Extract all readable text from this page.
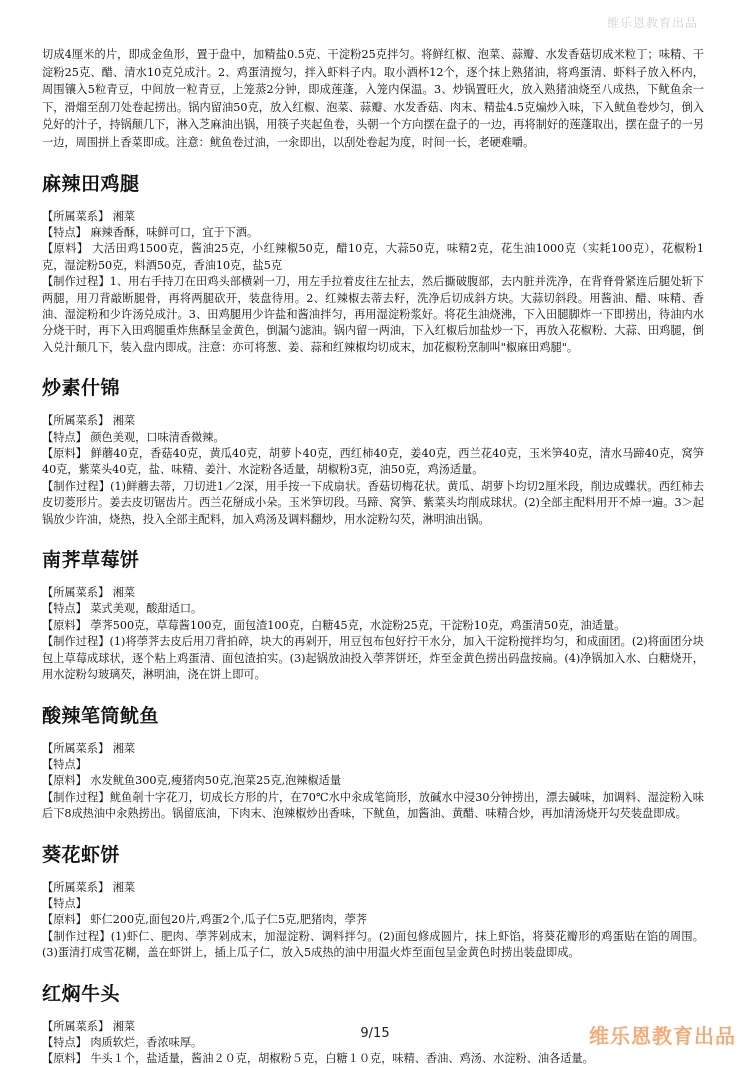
维乐恩教育出品

切成4厘米的片，即成金鱼形，置于盘中，加精盐0.5克、干淀粉25克拌匀。将鲜红椒、泡菜、蒜瓣、水发香菇切成米粒丁；味精、干淀粉25克、醋、清水10克兑成汁。2、鸡蛋清搅匀，拌入虾料子内。取小酒杯12个，逐个抹上熟猪油，将鸡蛋清、虾料子放入杯内，周围镶入5粒青豆，中间放一粒青豆，上笼蒸2分钟，即成莲蓬，入笼内保温。3、炒锅置旺火，放入熟猪油烧至八成热，下鱿鱼余一下，滑熘至刮刀处卷起捞出。锅内留油50克，放入红椒、泡菜、蒜瓣、水发香菇、肉末、精盐4.5克煸炒入味，下入鱿鱼卷炒匀，倒入兑好的汁子，持锅颠几下，淋入芝麻油出锅，用筷子夹起鱼卷，头朝一个方向摆在盘子的一边，再将制好的莲蓬取出，摆在盘子的一另一边，周围拼上香菜即成。注意：鱿鱼卷过油，一汆即出，以刮处卷起为度，时间一长，老硬难嚼。

麻辣田鸡腿
【所属菜系】 湘菜
【特点】 麻辣香酥，味鲜可口，宜于下酒。
【原料】 大活田鸡1500克，酱油25克，小红辣椒50克，醋10克，大蒜50克，味精2克，花生油1000克（实耗100克），花椒粉1克，湿淀粉50克，料酒50克，香油10克，盐5克
【制作过程】1、用右手持刀在田鸡头部横剁一刀，用左手拉着皮往左扯去，然后撕破腹部，去内脏并洗净，在背脊骨紧连后腿处斩下两腿，用刀背敲断腿骨，再将两腿砍开，装盘待用。2、红辣椒去蒂去籽，洗净后切成斜方块。大蒜切斜段。用酱油、醋、味精、香油、湿淀粉和少许汤兑成汁。3、田鸡腿用少许盐和酱油拌匀，再用湿淀粉浆好。将花生油烧沸，下入田腿脚炸一下即捞出，待油内水分烧干时，再下入田鸡腿重炸焦酥呈金黄色，倒漏勺滤油。锅内留一两油，下入红椒后加盐炒一下，再放入花椒粉、大蒜、田鸡腿，倒入兑汁颠几下，装入盘内即成。注意：亦可将葱、姜、蒜和红辣椒均切成末，加花椒粉烹制叫"椒麻田鸡腿"。
炒素什锦
【所属菜系】 湘菜
【特点】 颜色美观，口味清香微辣。
【原料】 鲜蘑40克，香菇40克，黄瓜40克，胡萝卜40克，西红柿40克，姜40克，西兰花40克，玉米笋40克，清水马蹄40克，窝笋40克，紫菜头40克，盐、味精、姜汁、水淀粉各适量，胡椒粉3克，油50克，鸡汤适量。
【制作过程】(1)鲜蘑去蒂，刀切进1／2深，用手按一下成扇状。香菇切梅花状。黄瓜、胡萝卜均切2厘米段，削边成蝶状。西红柿去皮切菱形片。姜去皮切锯齿片。西兰花掰成小朵。玉米笋切段。马蹄、窝笋、紫菜头均削成球状。(2)全部主配料用开不焯一遍。3＞起锅放少许油，烧热，投入全部主配料，加入鸡汤及调料翻炒，用水淀粉勾芡，淋明油出锅。
南荠草莓饼
【所属菜系】 湘菜
【特点】 菜式美观，酸甜适口。
【原料】 荸荠500克，草莓酱100克，面包渣100克，白糖45克，水淀粉25克，干淀粉10克，鸡蛋清50克，油适量。
【制作过程】(1)将荸荠去皮后用刀背拍碎，块大的再剁开，用豆包布包好拧干水分，加入干淀粉搅拌均匀，和成面团。(2)将面团分块包上草莓成球状，逐个粘上鸡蛋清、面包渣拍实。(3)起锅放油投入荸荠饼坯，炸至金黄色捞出码盘按扁。(4)净锅加入水、白糖烧开，用水淀粉勾玻璃芡，淋明油，浇在饼上即可。
酸辣笔筒鱿鱼
【所属菜系】 湘菜
【特点】
【原料】 水发鱿鱼300克,瘦猪肉50克,泡菜25克,泡辣椒适量
【制作过程】鱿鱼剞十字花刀，切成长方形的片，在70℃水中汆成笔筒形，放碱水中浸30分钟捞出，漂去碱味，加调料、湿淀粉入味后下8成热油中汆熟捞出。锅留底油，下肉末、泡辣椒炒出香味，下鱿鱼，加酱油、黄醋、味精合炒，再加清汤烧开勾芡装盘即成。
葵花虾饼
【所属菜系】 湘菜
【特点】
【原料】 虾仁200克,面包20片,鸡蛋2个,瓜子仁5克,肥猪肉，荸荠
【制作过程】(1)虾仁、肥肉、荸荠剁成末，加湿淀粉、调料拌匀。(2)面包修成圆片，抹上虾馅，将葵花瓣形的鸡蛋贴在馅的周围。(3)蛋清打成雪花糊，盖在虾饼上，插上瓜子仁，放入5成热的油中用温火炸至面包呈金黄色时捞出装盘即成。
红焖牛头
【所属菜系】 湘菜
【特点】 肉质软烂，香浓味厚。
【原料】 牛头１个，盐适量，酱油２０克，胡椒粉５克，白糖１０克，味精、香油、鸡汤、水淀粉、油各适量。
9/15	维乐恩教育出品
